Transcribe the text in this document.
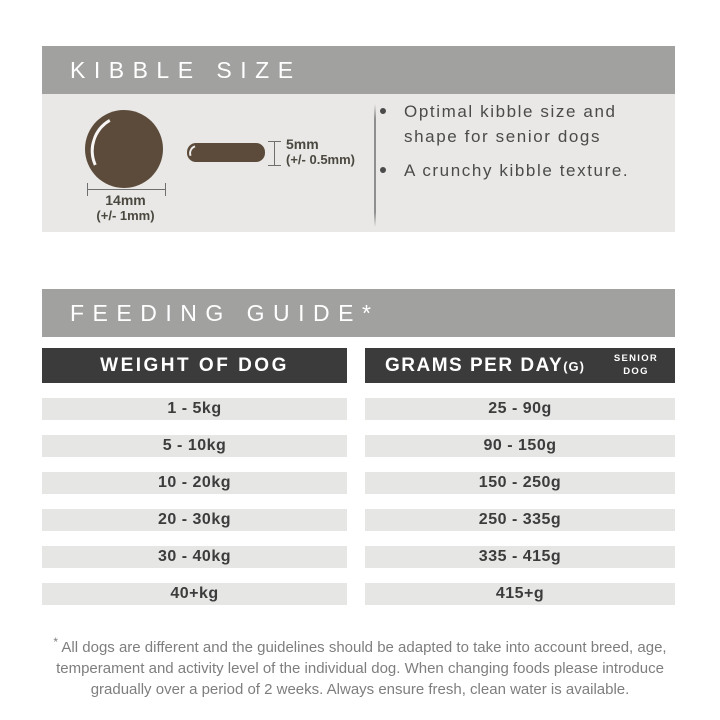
KIBBLE SIZE
14mm
(+/- 1mm)
5mm
(+/- 0.5mm)
Optimal kibble size and shape for senior dogs
A crunchy kibble texture.
FEEDING GUIDE*
WEIGHT OF DOG	GRAMS PER DAY(G)
SENIOR DOG
1 - 5kg	25 - 90g
5 - 10kg	90 - 150g
10 - 20kg	150 - 250g
20 - 30kg	250 - 335g
30 - 40kg	335 - 415g
40+kg	415+g
* All dogs are different and the guidelines should be adapted to take into account breed, age, temperament and activity level of the individual dog. When changing foods please introduce gradually over a period of 2 weeks. Always ensure fresh, clean water is available.
